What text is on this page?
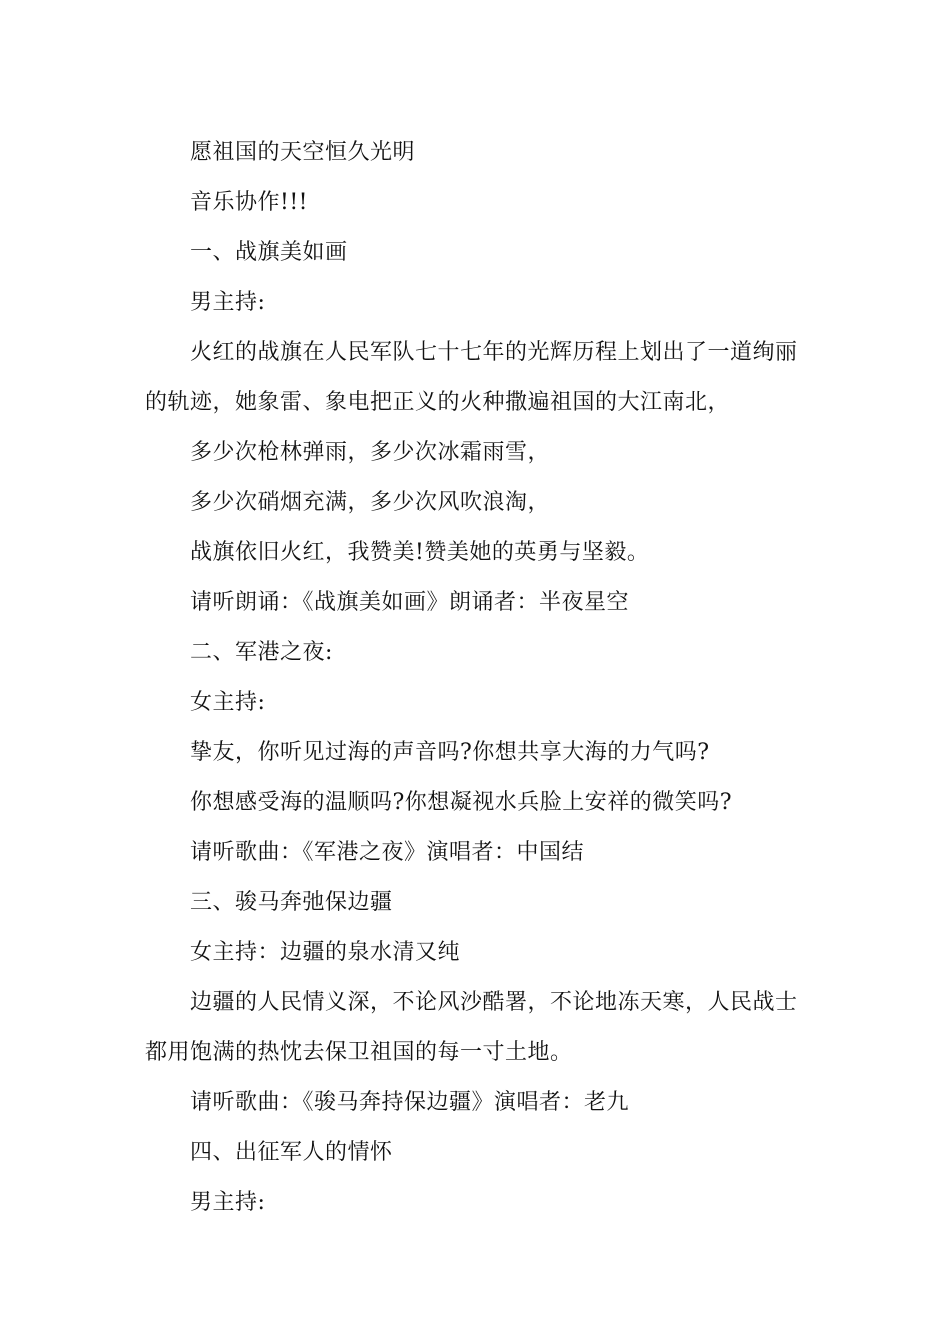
愿祖国的天空恒久光明

音乐协作!!!

一、战旗美如画

男主持:

火红的战旗在人民军队七十七年的光辉历程上划出了一道绚丽的轨迹，她象雷、象电把正义的火种撒遍祖国的大江南北，

多少次枪林弹雨，多少次冰霜雨雪，

多少次硝烟充满，多少次风吹浪淘，

战旗依旧火红，我赞美!赞美她的英勇与坚毅。

请听朗诵：《战旗美如画》朗诵者：半夜星空

二、军港之夜:

女主持:

挚友，你听见过海的声音吗?你想共享大海的力气吗?

你想感受海的温顺吗?你想凝视水兵脸上安祥的微笑吗?

请听歌曲：《军港之夜》演唱者：中国结

三、骏马奔弛保边疆

女主持：边疆的泉水清又纯

边疆的人民情义深，不论风沙酷署，不论地冻天寒，人民战士都用饱满的热忱去保卫祖国的每一寸土地。

请听歌曲：《骏马奔持保边疆》演唱者：老九

四、出征军人的情怀

男主持:
